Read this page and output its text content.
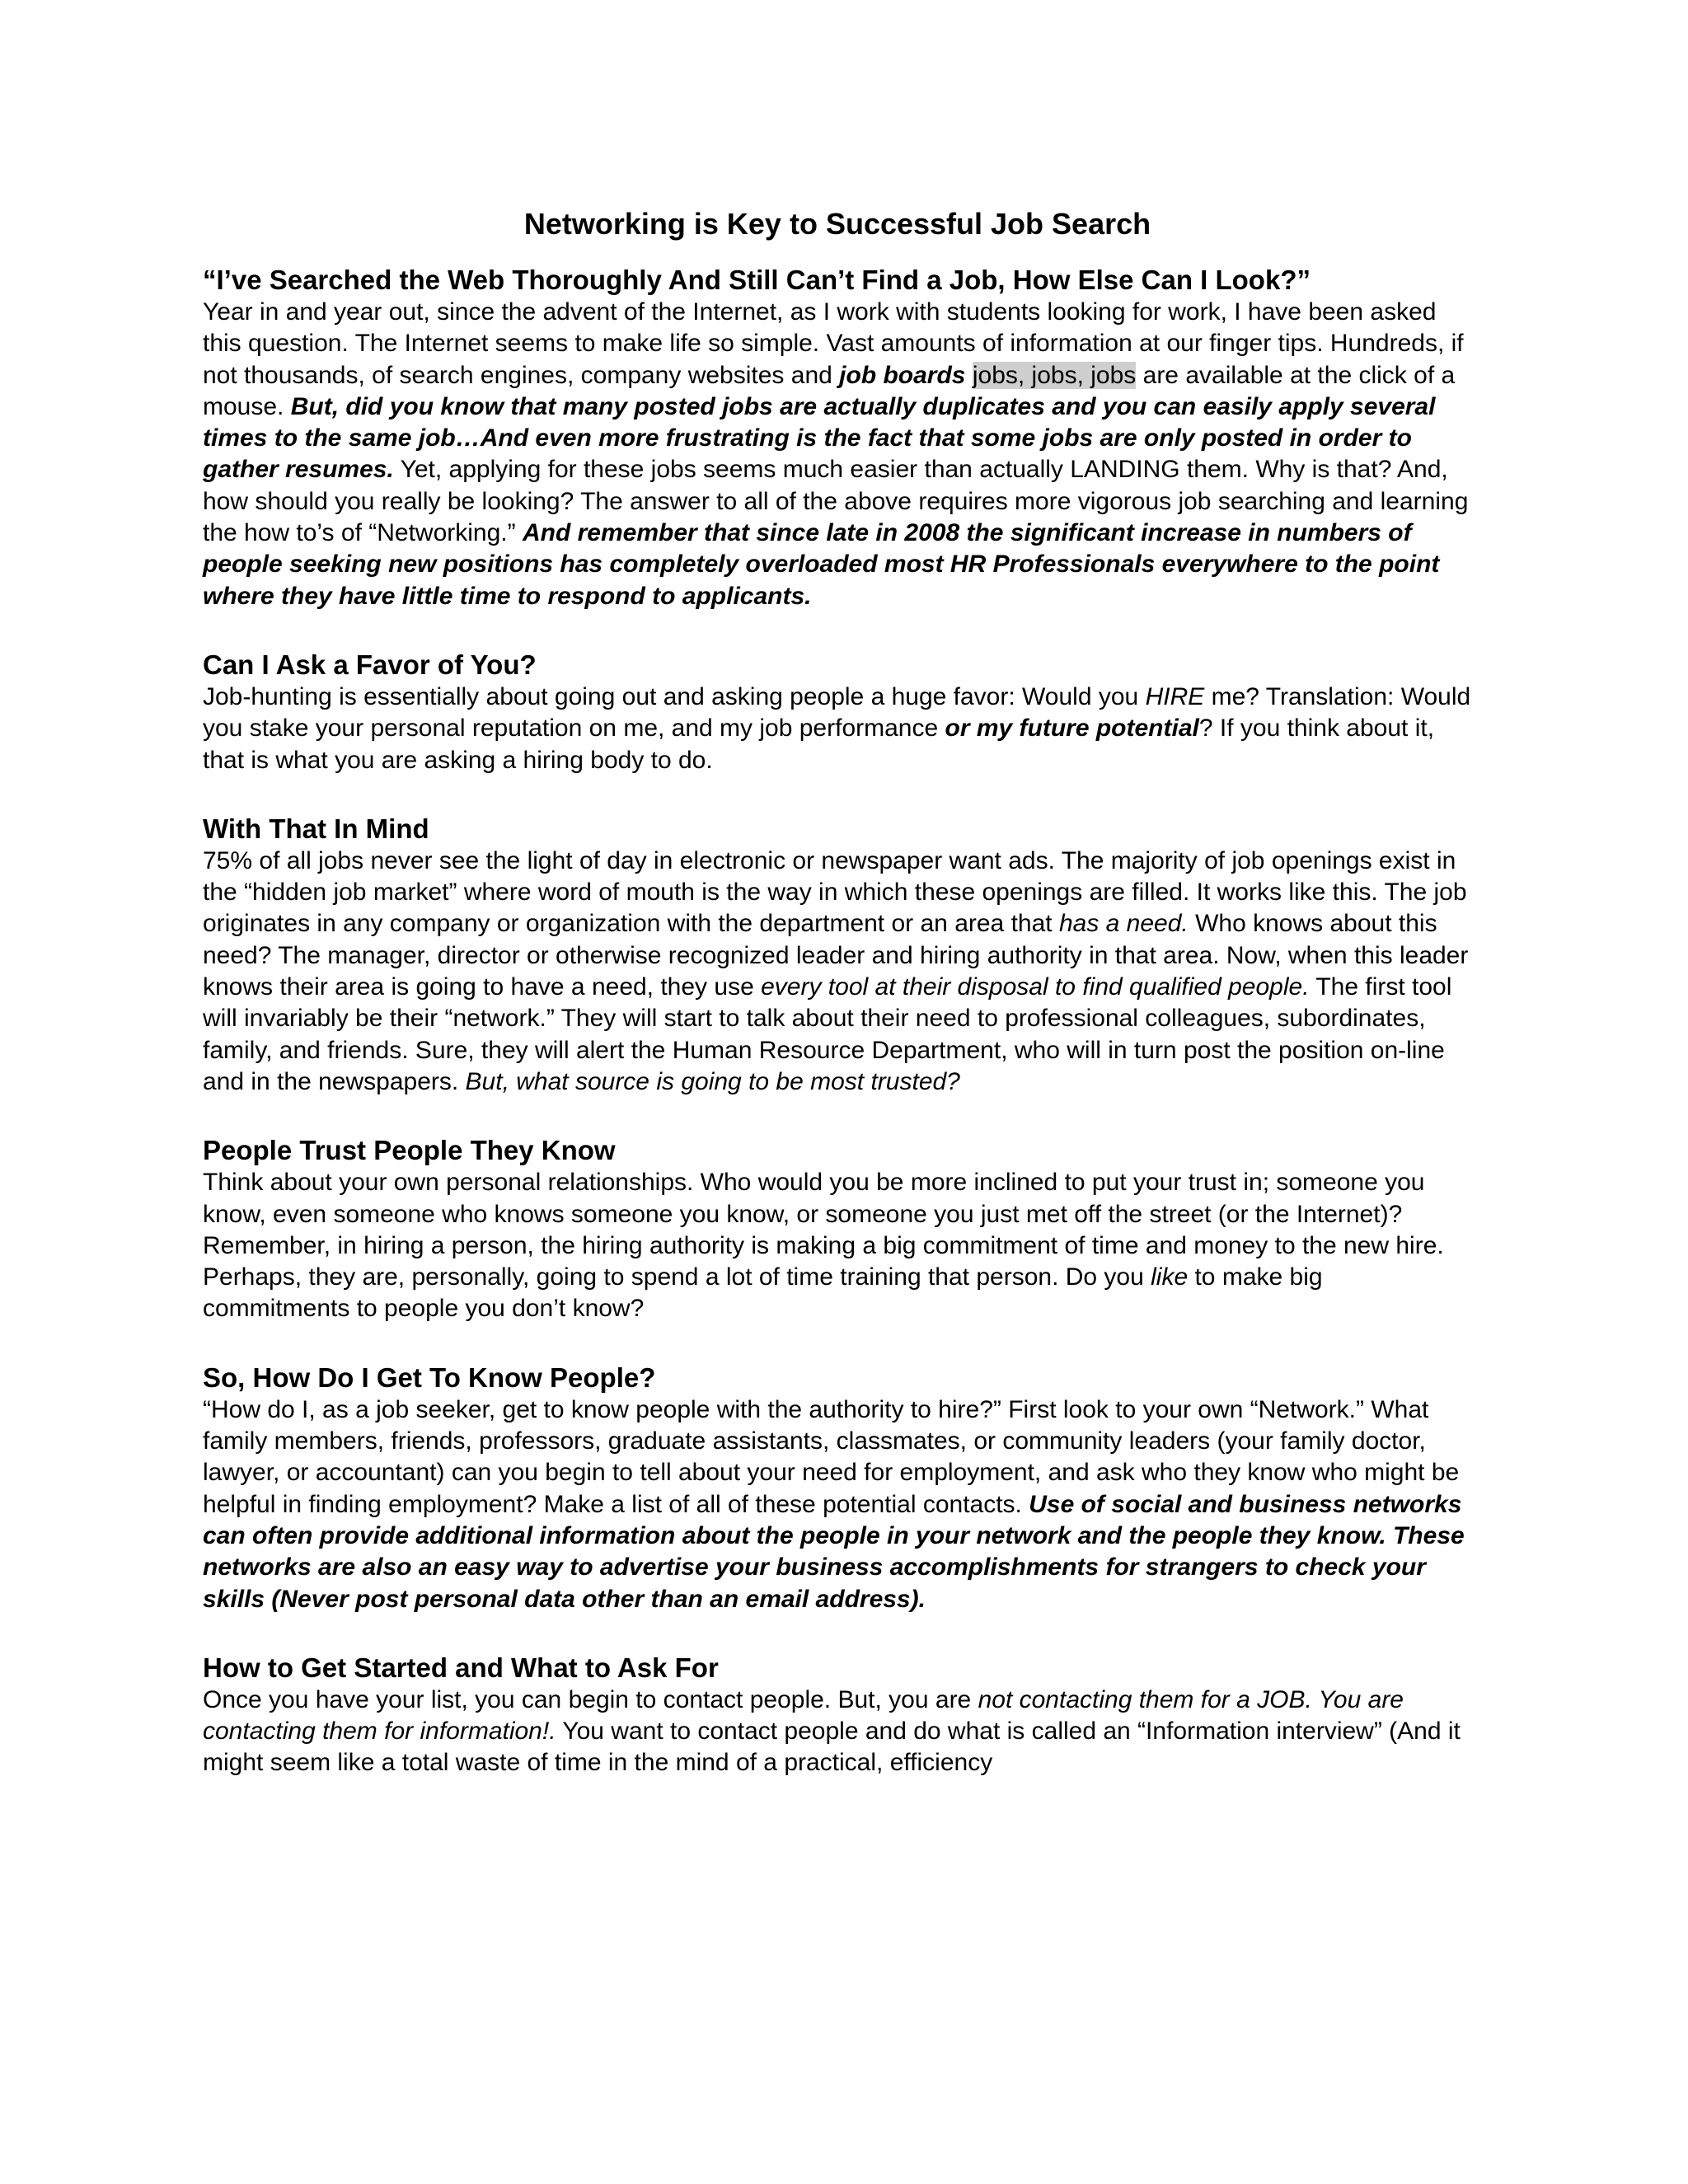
Networking is Key to Successful Job Search
“I’ve Searched the Web Thoroughly And Still Can’t Find a Job, How Else Can I Look?”

Year in and year out, since the advent of the Internet, as I work with students looking for work, I have been asked this question. The Internet seems to make life so simple. Vast amounts of information at our finger tips. Hundreds, if not thousands, of search engines, company websites and job boards jobs, jobs, jobs are available at the click of a mouse. But, did you know that many posted jobs are actually duplicates and you can easily apply several times to the same job…And even more frustrating is the fact that some jobs are only posted in order to gather resumes. Yet, applying for these jobs seems much easier than actually LANDING them. Why is that? And, how should you really be looking? The answer to all of the above requires more vigorous job searching and learning the how to’s of “Networking.” And remember that since late in 2008 the significant increase in numbers of people seeking new positions has completely overloaded most HR Professionals everywhere to the point where they have little time to respond to applicants.

Can I Ask a Favor of You?

Job-hunting is essentially about going out and asking people a huge favor: Would you HIRE me? Translation: Would you stake your personal reputation on me, and my job performance or my future potential? If you think about it, that is what you are asking a hiring body to do.

With That In Mind

75% of all jobs never see the light of day in electronic or newspaper want ads. The majority of job openings exist in the “hidden job market” where word of mouth is the way in which these openings are filled. It works like this. The job originates in any company or organization with the department or an area that has a need. Who knows about this need? The manager, director or otherwise recognized leader and hiring authority in that area. Now, when this leader knows their area is going to have a need, they use every tool at their disposal to find qualified people. The first tool will invariably be their “network.” They will start to talk about their need to professional colleagues, subordinates, family, and friends. Sure, they will alert the Human Resource Department, who will in turn post the position on-line and in the newspapers. But, what source is going to be most trusted?

People Trust People They Know

Think about your own personal relationships. Who would you be more inclined to put your trust in; someone you know, even someone who knows someone you know, or someone you just met off the street (or the Internet)? Remember, in hiring a person, the hiring authority is making a big commitment of time and money to the new hire. Perhaps, they are, personally, going to spend a lot of time training that person. Do you like to make big commitments to people you don’t know?

So, How Do I Get To Know People?

“How do I, as a job seeker, get to know people with the authority to hire?” First look to your own “Network.” What family members, friends, professors, graduate assistants, classmates, or community leaders (your family doctor, lawyer, or accountant) can you begin to tell about your need for employment, and ask who they know who might be helpful in finding employment? Make a list of all of these potential contacts. Use of social and business networks can often provide additional information about the people in your network and the people they know. These networks are also an easy way to advertise your business accomplishments for strangers to check your skills (Never post personal data other than an email address).

How to Get Started and What to Ask For

Once you have your list, you can begin to contact people. But, you are not contacting them for a JOB. You are contacting them for information!. You want to contact people and do what is called an “Information interview” (And it might seem like a total waste of time in the mind of a practical, efficiency
